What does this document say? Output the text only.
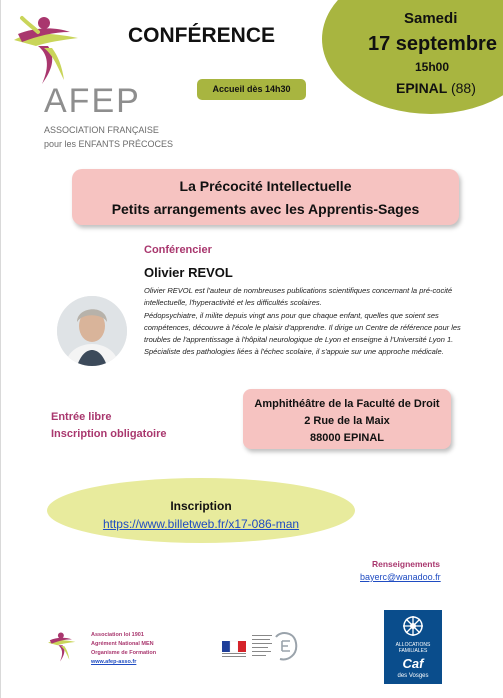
AFEP
ASSOCIATION FRANÇAISE
pour les ENFANTS PRÉCOCES
CONFÉRENCE
Samedi
17 septembre
15h00
EPINAL (88)
Accueil dès 14h30
La Précocité Intellectuelle
Petits arrangements avec les Apprentis-Sages
Conférencier
Olivier REVOL

Olivier REVOL est l'auteur de nombreuses publications scientifiques concernant la pré-cocité intellectuelle, l'hyperactivité et les difficultés scolaires.

Pédopsychiatre, il milite depuis vingt ans pour que chaque enfant, quelles que soient ses compétences, découvre à l'école le plaisir d'apprendre. Il dirige un Centre de référence pour les troubles de l'apprentissage à l'hôpital neurologique de Lyon et enseigne à l'Université Lyon 1. Spécialiste des pathologies liées à l'échec scolaire, il s'appuie sur une approche médicale.

Entrée libre
Inscription obligatoire
Amphithéâtre de la Faculté de Droit
2 Rue de la Maix
88000 EPINAL
Inscription
https://www.billetweb.fr/x17-086-man
Renseignements
bayerc@wanadoo.fr
Association loi 1901
Agrément National MEN
Organisme de Formation
www.afep-asso.fr
ALLOCATIONS
FAMILIALES
Caf
des Vosges
